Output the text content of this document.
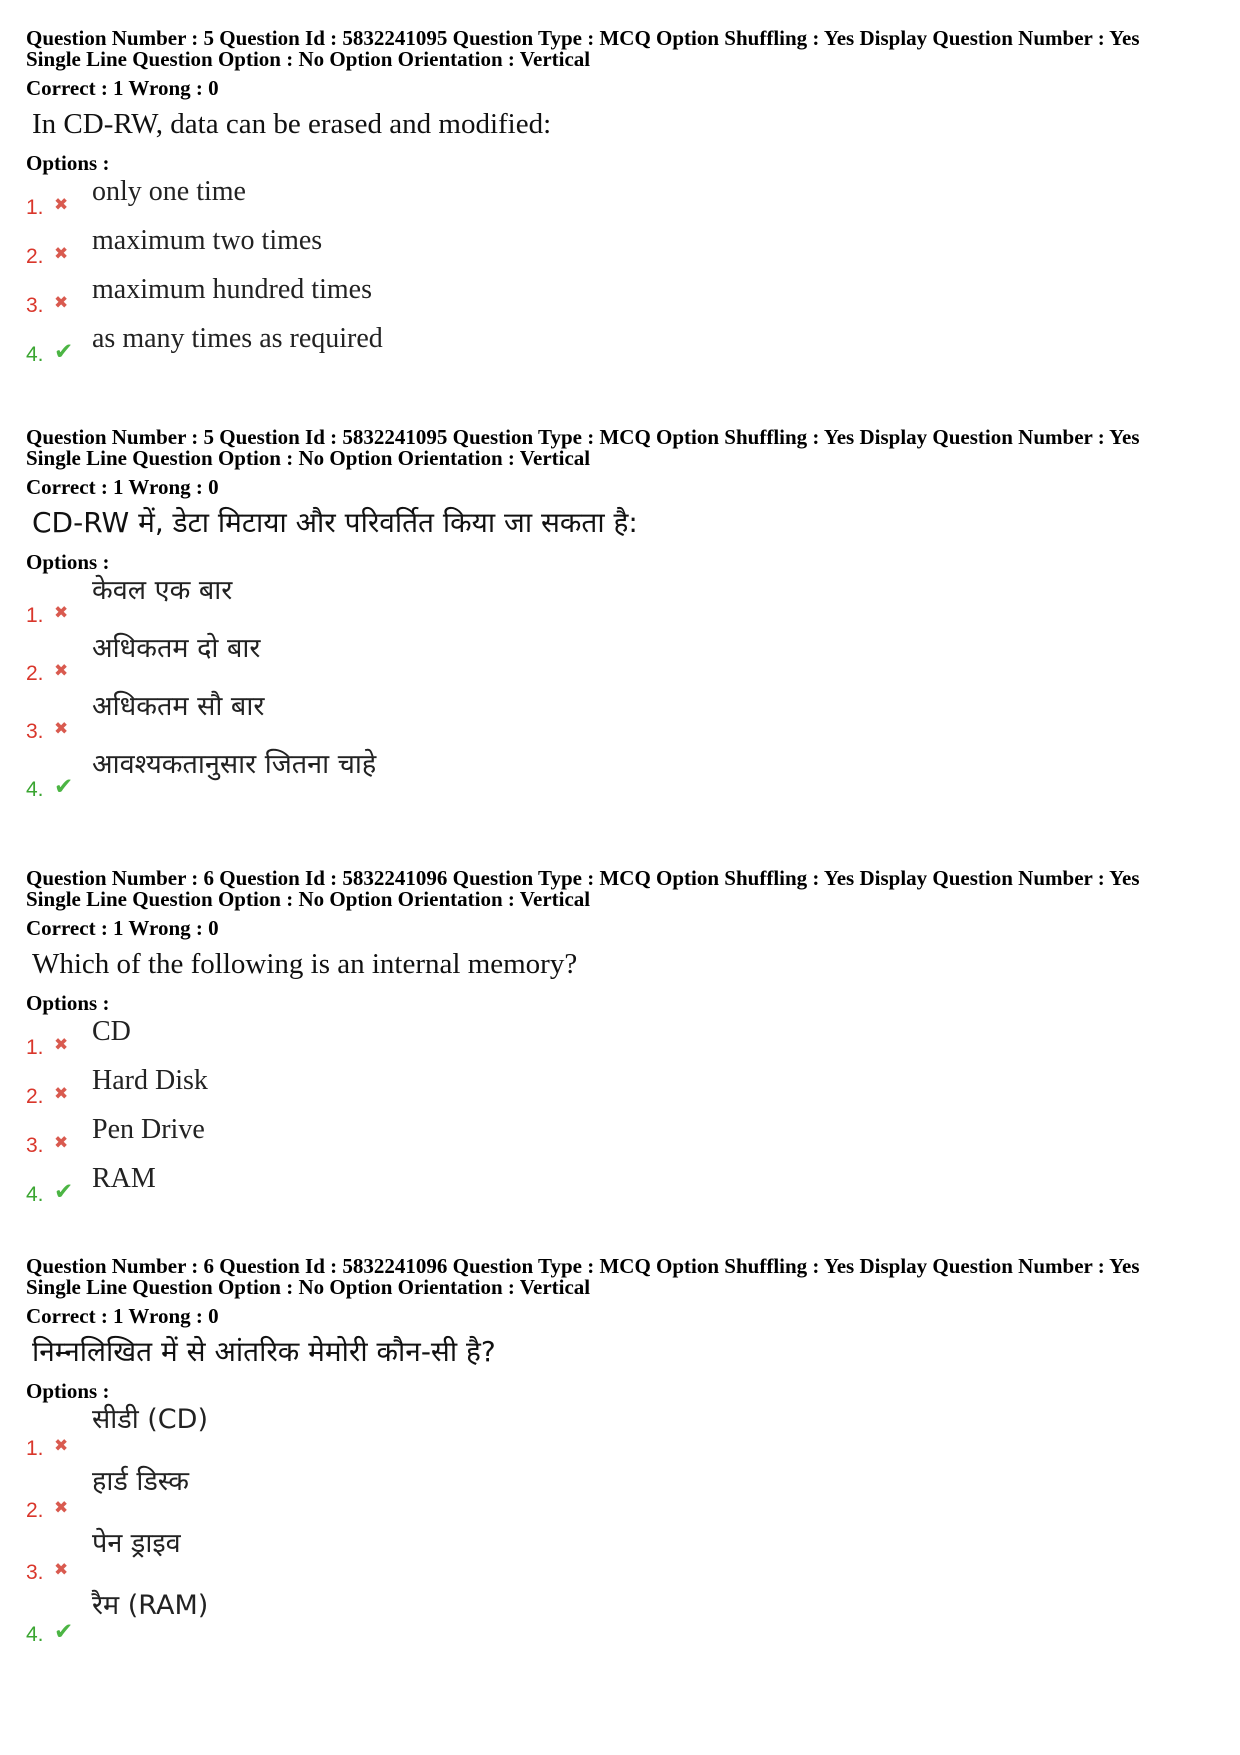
Question Number : 5 Question Id : 5832241095 Question Type : MCQ Option Shuffling : Yes Display Question Number : Yes
Single Line Question Option : No Option Orientation : Vertical
Correct : 1 Wrong : 0
In CD-RW, data can be erased and modified:
Options :
1. ✖ only one time
2. ✖ maximum two times
3. ✖ maximum hundred times
4. ✔ as many times as required
Question Number : 5 Question Id : 5832241095 Question Type : MCQ Option Shuffling : Yes Display Question Number : Yes
Single Line Question Option : No Option Orientation : Vertical
Correct : 1 Wrong : 0
CD-RW में, डेटा मिटाया और परिवर्तित किया जा सकता है:
Options :
1. ✖
केवल एक बार
2. ✖
अधिकतम दो बार
3. ✖
अधिकतम सौ बार
4. ✔
आवश्यकतानुसार जितना चाहे
Question Number : 6 Question Id : 5832241096 Question Type : MCQ Option Shuffling : Yes Display Question Number : Yes
Single Line Question Option : No Option Orientation : Vertical
Correct : 1 Wrong : 0
Which of the following is an internal memory?
Options :
1. ✖ CD
2. ✖ Hard Disk
3. ✖ Pen Drive
4. ✔ RAM
Question Number : 6 Question Id : 5832241096 Question Type : MCQ Option Shuffling : Yes Display Question Number : Yes
Single Line Question Option : No Option Orientation : Vertical
Correct : 1 Wrong : 0
निम्नलिखित में से आंतरिक मेमोरी कौन-सी है?
Options :
1. ✖
सीडी (CD)
2. ✖
हार्ड डिस्क
3. ✖
पेन ड्राइव
4. ✔
रैम (RAM)
